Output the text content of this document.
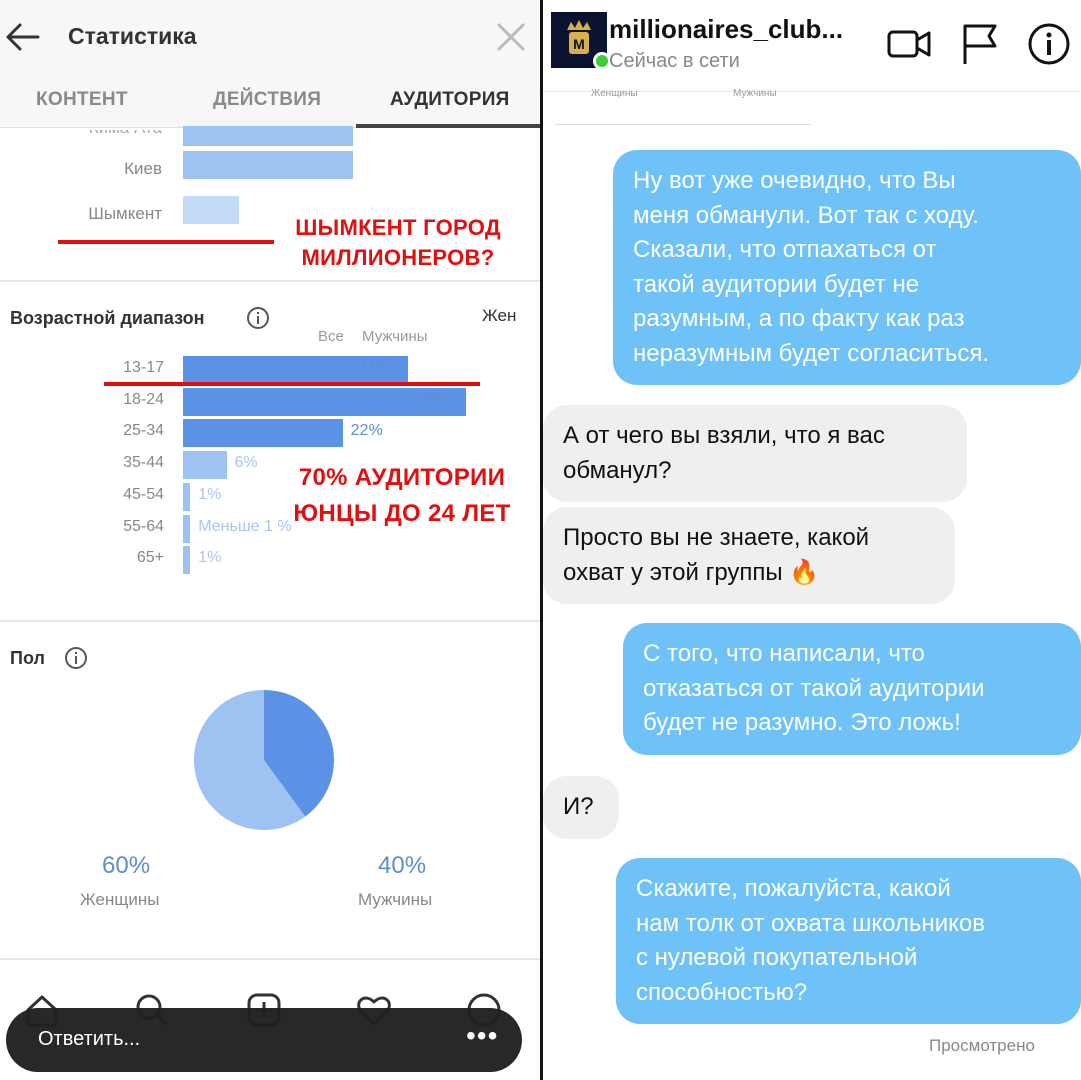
Статистика
КОНТЕНТ	ДЕЙСТВИЯ	АУДИТОРИЯ
Киев
Шымкент
ШЫМКЕНТ ГОРОД
МИЛЛИОНЕРОВ?
Возрастной диапазон	Жен
Все Мужчины
13-17	31%
18-24	39%
25-34	22%
35-44	6%
45-54 1%
55-64 Меньше 1 %
65+ 1%
70% АУДИТОРИИ
ЮНЦЫ ДО 24 ЛЕТ
Пол
60%
Женщины
40%
Мужчины
Ответить...	•••
M millionaires_club...
Сейчас в сети
Женщины	Мужчины
Ну вот уже очевидно, что Вы
меня обманули. Вот так с ходу.
Сказали, что отпахаться от
такой аудитории будет не
разумным, а по факту как раз
неразумным будет согласиться.
А от чего вы взяли, что я вас
обманул?
Просто вы не знаете, какой
охват у этой группы 🔥
С того, что написали, что
отказаться от такой аудитории
будет не разумно. Это ложь!
И?
Скажите, пожалуйста, какой
нам толк от охвата школьников
с нулевой покупательной
способностью?
Просмотрено
